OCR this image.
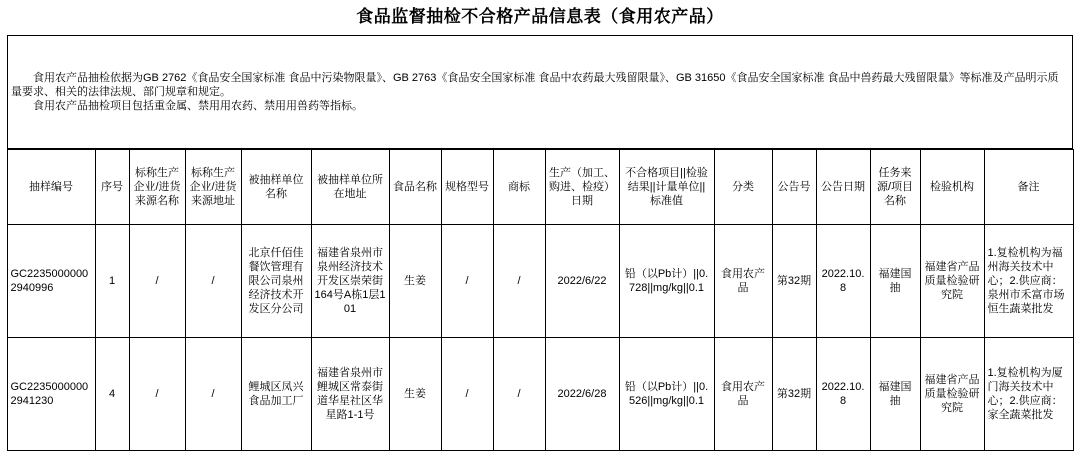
食品监督抽检不合格产品信息表（食用农产品）

食用农产品抽检依据为GB 2762《食品安全国家标准 食品中污染物限量》、GB 2763《食品安全国家标准 食品中农药最大残留限量》、GB 31650《食品安全国家标准 食品中兽药最大残留限量》等标准及产品明示质量要求、相关的法律法规、部门规章和规定。

食用农产品抽检项目包括重金属、禁用用农药、禁用用兽药等指标。

抽样编号	序号	标称生产企业/进货来源名称	标称生产企业/进货来源地址	被抽样单位名称	被抽样单位所在地址	食品名称	规格型号	商标	生产（加工、购进、检疫）日期	不合格项目||检验结果||计量单位||标准值	分类	公告号	公告日期	任务来源/项目名称	检验机构	备注
GC22350000002940996	1	/	/	北京仟佰佳餐饮管理有限公司泉州经济技术开发区分公司	福建省泉州市泉州经济技术开发区崇荣街164号A栋1层101	生姜	/	/	2022/6/22	铅（以Pb计）||0.728||mg/kg||0.1	食用农产品	第32期	2022.10.8	福建国抽	福建省产品质量检验研究院	1.复检机构为福州海关技术中心；2.供应商：泉州市禾富市场恒生蔬菜批发
GC22350000002941230	4	/	/	鲤城区凤兴食品加工厂	福建省泉州市鲤城区常泰街道华星社区华星路1-1号	生姜	/	/	2022/6/28	铅（以Pb计）||0.526||mg/kg||0.1	食用农产品	第32期	2022.10.8	福建国抽	福建省产品质量检验研究院	1.复检机构为厦门海关技术中心；2.供应商：家全蔬菜批发
